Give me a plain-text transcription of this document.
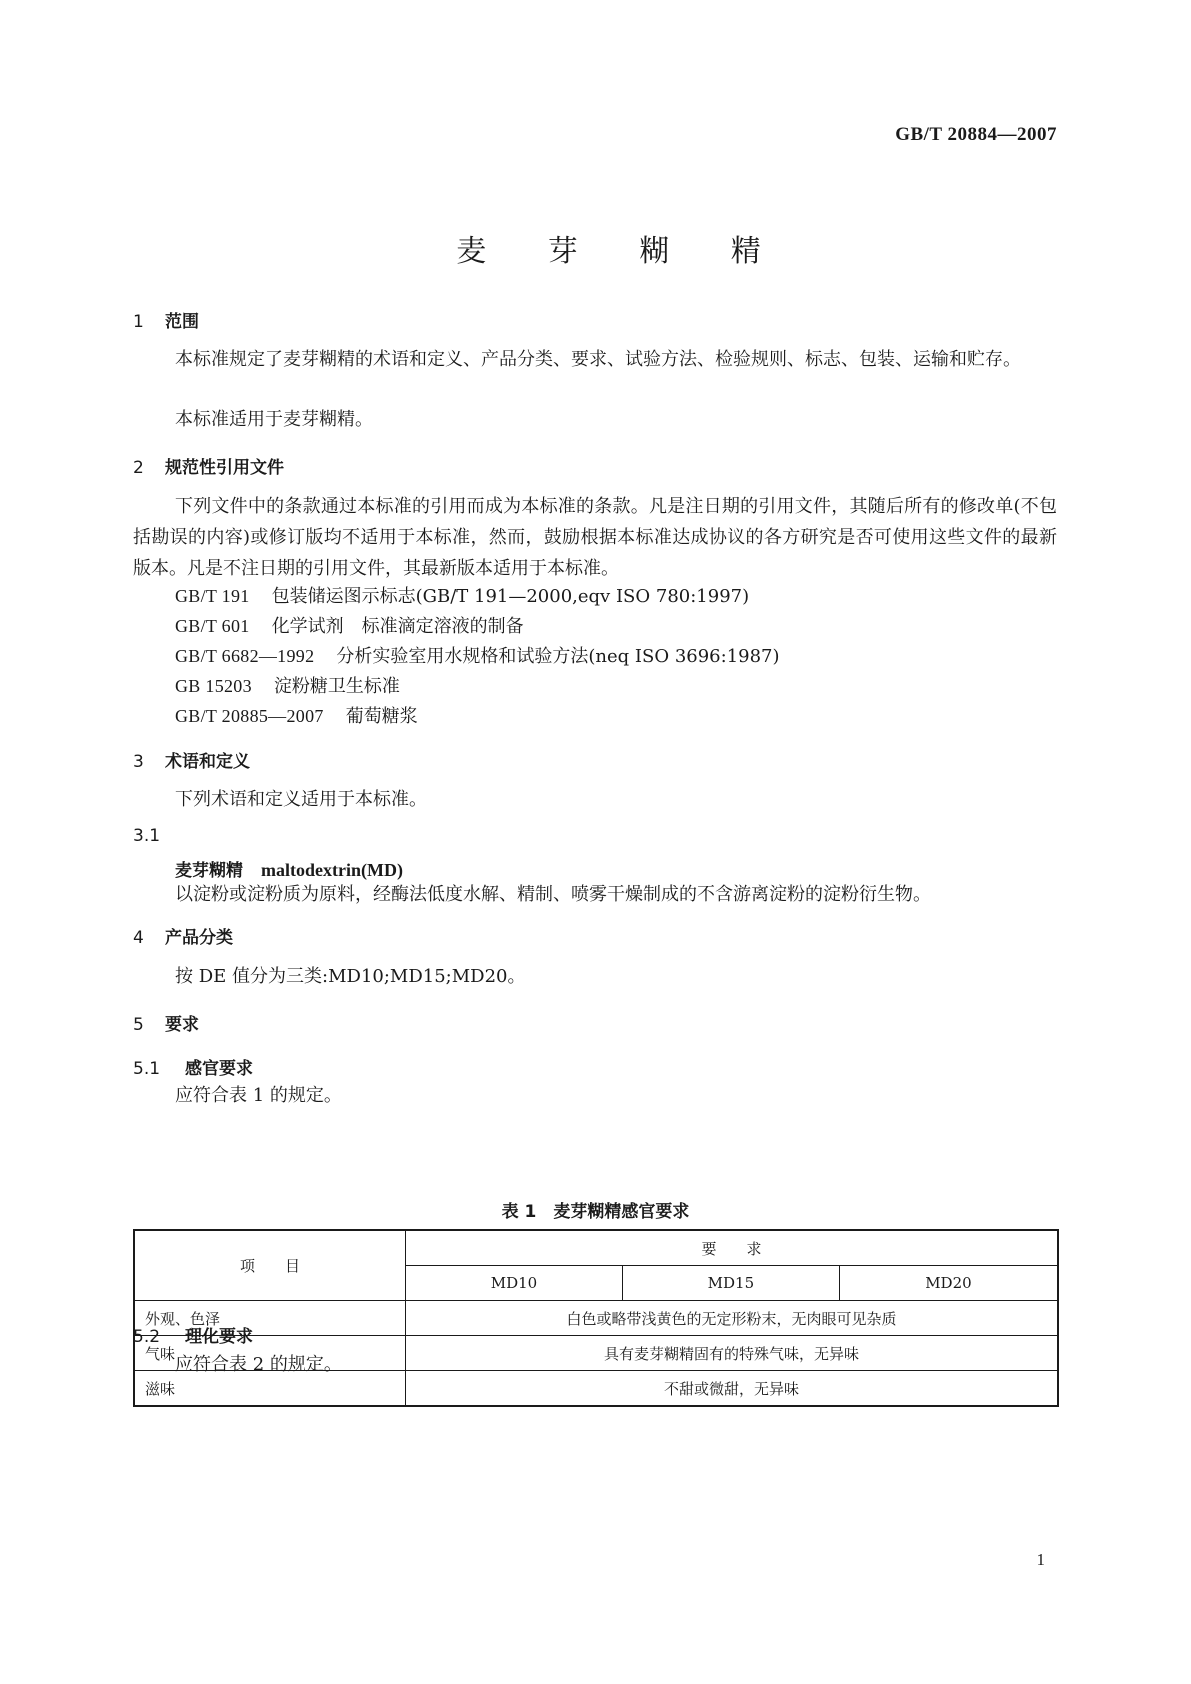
GB/T 20884—2007
麦 芽 糊 精
1 范围
本标准规定了麦芽糊精的术语和定义、产品分类、要求、试验方法、检验规则、标志、包装、运输和贮存。
本标准适用于麦芽糊精。
2 规范性引用文件
下列文件中的条款通过本标准的引用而成为本标准的条款。凡是注日期的引用文件，其随后所有的修改单(不包括勘误的内容)或修订版均不适用于本标准，然而，鼓励根据本标准达成协议的各方研究是否可使用这些文件的最新版本。凡是不注日期的引用文件，其最新版本适用于本标准。
GB/T 191 包装储运图示标志(GB/T 191—2000,eqv ISO 780:1997)
GB/T 601 化学试剂　标准滴定溶液的制备
GB/T 6682—1992 分析实验室用水规格和试验方法(neq ISO 3696:1987)
GB 15203 淀粉糖卫生标准
GB/T 20885—2007 葡萄糖浆
3 术语和定义
下列术语和定义适用于本标准。
3.1
麦芽糊精 maltodextrin(MD)
以淀粉或淀粉质为原料，经酶法低度水解、精制、喷雾干燥制成的不含游离淀粉的淀粉衍生物。
4 产品分类
按 DE 值分为三类:MD10;MD15;MD20。
5 要求
5.1 感官要求
应符合表 1 的规定。
表 1　麦芽糊精感官要求
项　　目	要　　求		
	MD10	MD15	MD20
外观、色泽	白色或略带浅黄色的无定形粉末，无肉眼可见杂质		
气味	具有麦芽糊精固有的特殊气味，无异味		
滋味	不甜或微甜，无异味		
5.2 理化要求
应符合表 2 的规定。
1
